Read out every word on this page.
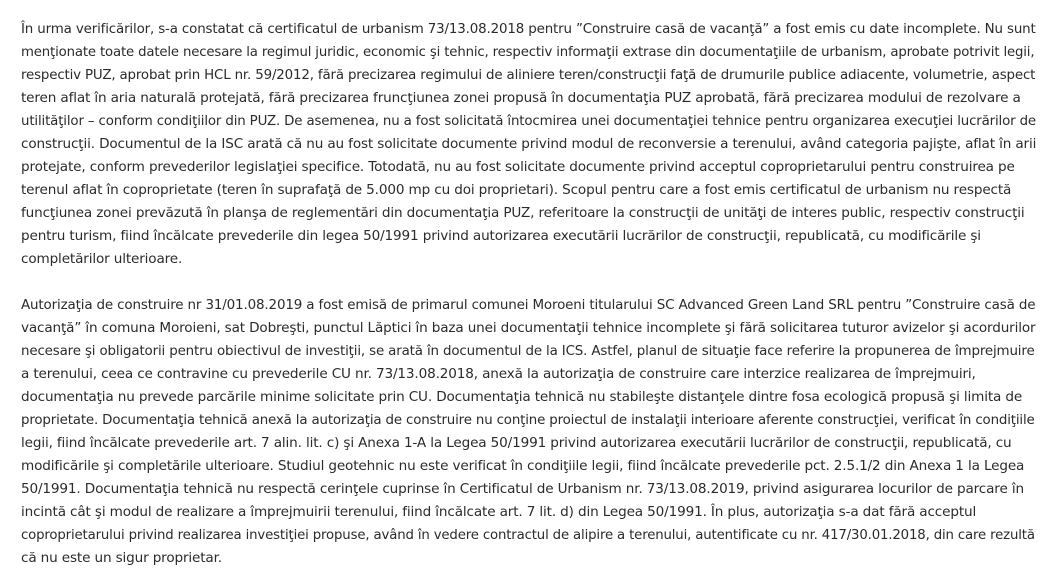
În urma verificărilor, s-a constatat că certificatul de urbanism 73/13.08.2018 pentru ”Construire casă de vacanţă” a fost emis cu date incomplete. Nu sunt
menţionate toate datele necesare la regimul juridic, economic şi tehnic, respectiv informaţii extrase din documentaţiile de urbanism, aprobate potrivit legii,
respectiv PUZ, aprobat prin HCL nr. 59/2012, fără precizarea regimului de aliniere teren/construcţii faţă de drumurile publice adiacente, volumetrie, aspect
teren aflat în aria naturală protejată, fără precizarea fruncţiunea zonei propusă în documentaţia PUZ aprobată, fără precizarea modului de rezolvare a
utilităţilor – conform condiţiilor din PUZ. De asemenea, nu a fost solicitată întocmirea unei documentaţiei tehnice pentru organizarea execuţiei lucrărilor de
construcţii. Documentul de la ISC arată că nu au fost solicitate documente privind modul de reconversie a terenului, având categoria pajişte, aflat în arii
protejate, conform prevederilor legislaţiei specifice. Totodată, nu au fost solicitate documente privind acceptul coproprietarului pentru construirea pe
terenul aflat în coproprietate (teren în suprafaţă de 5.000 mp cu doi proprietari). Scopul pentru care a fost emis certificatul de urbanism nu respectă
funcţiunea zonei prevăzută în planşa de reglementări din documentaţia PUZ, referitoare la construcţii de unităţi de interes public, respectiv construcţii
pentru turism, fiind încălcate prevederile din legea 50/1991 privind autorizarea executării lucrărilor de construcţii, republicată, cu modificările şi
completărilor ulterioare.

Autorizaţia de construire nr 31/01.08.2019 a fost emisă de primarul comunei Moroeni titularului SC Advanced Green Land SRL pentru ”Construire casă de
vacanţă” în comuna Moroieni, sat Dobreşti, punctul Lăptici în baza unei documentaţii tehnice incomplete şi fără solicitarea tuturor avizelor şi acordurilor
necesare şi obligatorii pentru obiectivul de investiţii, se arată în documentul de la ICS. Astfel, planul de situaţie face referire la propunerea de împrejmuire
a terenului, ceea ce contravine cu prevederile CU nr. 73/13.08.2018, anexă la autorizaţia de construire care interzice realizarea de împrejmuiri,
documentaţia nu prevede parcările minime solicitate prin CU. Documentaţia tehnică nu stabileşte distanţele dintre fosa ecologică propusă şi limita de
proprietate. Documentaţia tehnică anexă la autorizaţia de construire nu conţine proiectul de instalaţii interioare aferente construcţiei, verificat în condiţiile
legii, fiind încălcate prevederile art. 7 alin. lit. c) şi Anexa 1-A la Legea 50/1991 privind autorizarea executării lucrărilor de construcţii, republicată, cu
modificările şi completările ulterioare. Studiul geotehnic nu este verificat în condiţiile legii, fiind încălcate prevederile pct. 2.5.1/2 din Anexa 1 la Legea
50/1991. Documentaţia tehnică nu respectă cerinţele cuprinse în Certificatul de Urbanism nr. 73/13.08.2019, privind asigurarea locurilor de parcare în
incintă cât şi modul de realizare a împrejmuirii terenului, fiind încălcate art. 7 lit. d) din Legea 50/1991. În plus, autorizaţia s-a dat fără acceptul
coproprietarului privind realizarea investiţiei propuse, având în vedere contractul de alipire a terenului, autentificate cu nr. 417/30.01.2018, din care rezultă
că nu este un sigur proprietar.
